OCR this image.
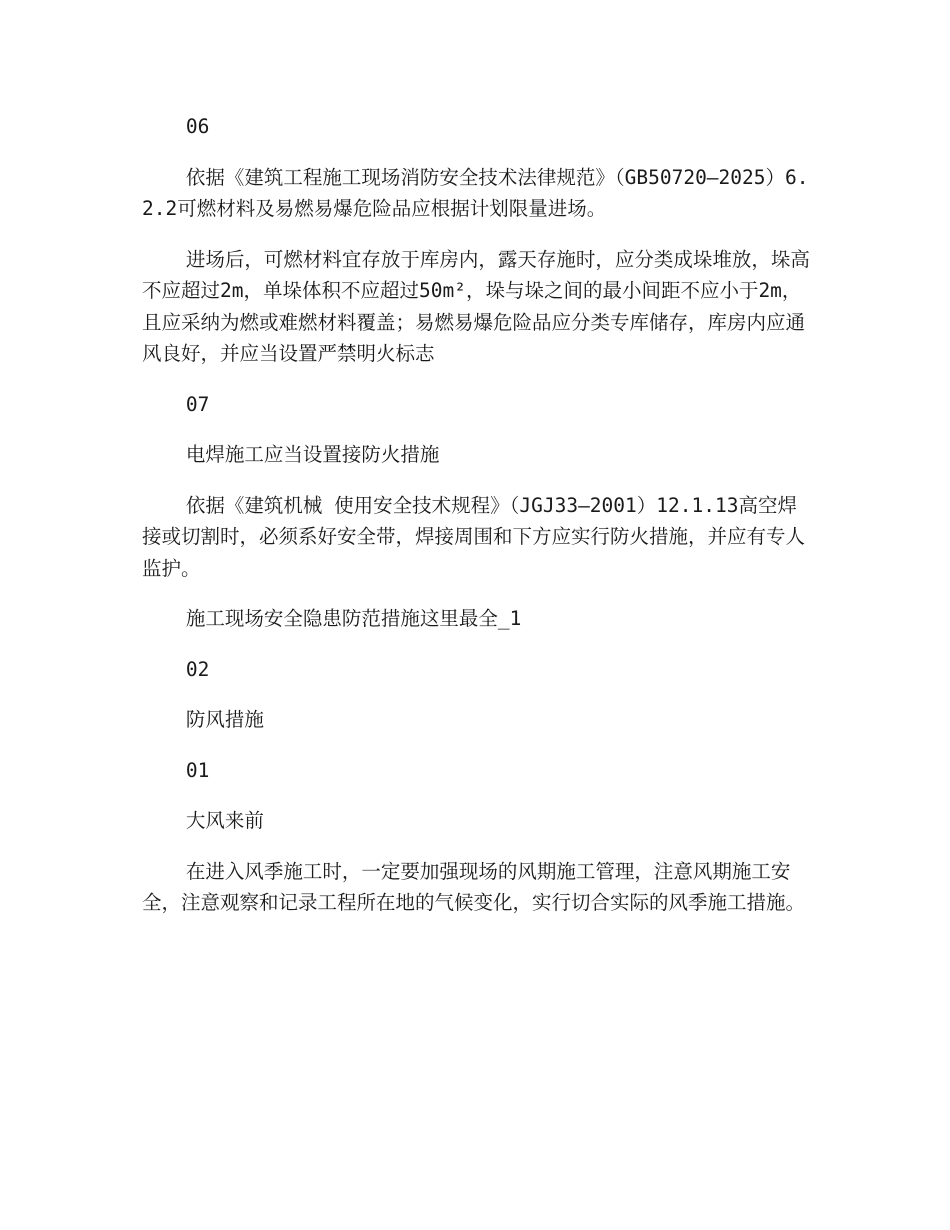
06

依据《建筑工程施工现场消防安全技术法律规范》（GB50720—2025）6.2.2可燃材料及易燃易爆危险品应根据计划限量进场。

进场后，可燃材料宜存放于库房内，露天存施时，应分类成垛堆放，垛高不应超过2m，单垛体积不应超过50m²，垛与垛之间的最小间距不应小于2m，且应采纳为燃或难燃材料覆盖；易燃易爆危险品应分类专库储存，库房内应通风良好，并应当设置严禁明火标志

07

电焊施工应当设置接防火措施

依据《建筑机械 使用安全技术规程》（JGJ33—2001）12.1.13高空焊接或切割时，必须系好安全带，焊接周围和下方应实行防火措施，并应有专人监护。

施工现场安全隐患防范措施这里最全_1

02

防风措施

01

大风来前

在进入风季施工时，一定要加强现场的风期施工管理，注意风期施工安全，注意观察和记录工程所在地的气候变化，实行切合实际的风季施工措施。
